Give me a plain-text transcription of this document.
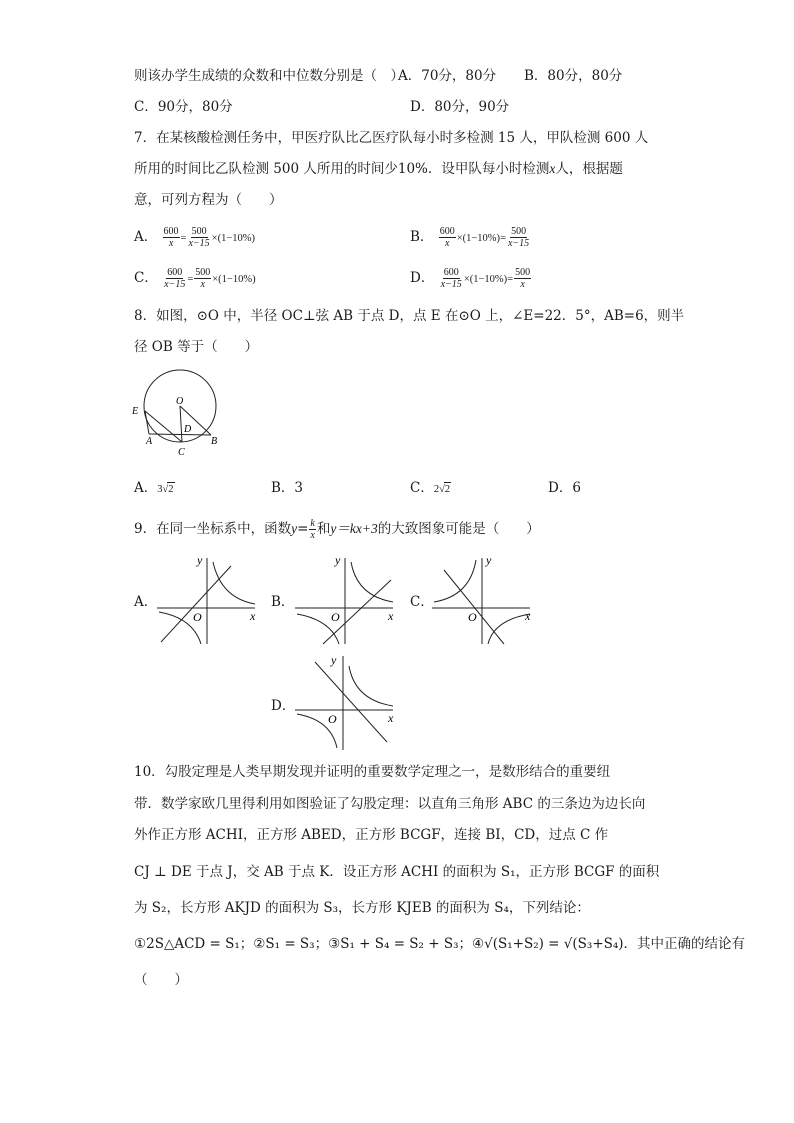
则该办学生成绩的众数和中位数分别是（　）
A．70分，80分 B．80分，80分
C．90分，80分	D．80分，90分
7．在某核酸检测任务中，甲医疗队比乙医疗队每小时多检测 15 人，甲队检测 600 人
所用的时间比乙队检测 500 人所用的时间少10%．设甲队每小时检测x人，根据题
意，可列方程为（　　）
A． $\frac{600}{x} = \frac{500}{x-15} \times(1-10\%)$	B． $\frac{600}{x} \times(1-10\%)= \frac{500}{x-15}$
C． $\frac{600}{x-15} = \frac{500}{x} \times(1-10\%)$	D． $\frac{600}{x-15} \times(1-10\%)= \frac{500}{x}$
8．如图，⊙O 中，半径 OC⊥弦 AB 于点 D，点 E 在⊙O 上，∠E=22．5°，AB=6，则半
径 OB 等于（　　）
E
O
D
A
C
B
A．3√2	B．3	C．2√2	D．6
9．在同一坐标系中，函数$y= \frac{k}{x}$ 和y＝kx+3的大致图象可能是（　　）
A．
y
x
O
B．
y
x
O
C．
y
x
O
D．
y
x
O
10．勾股定理是人类早期发现并证明的重要数学定理之一，是数形结合的重要纽
带．数学家欧几里得利用如图验证了勾股定理：以直角三角形 ABC 的三条边为边长向
外作正方形 ACHI，正方形 ABED，正方形 BCGF，连接 BI，CD，过点 C 作
CJ ⊥ DE 于点 J，交 AB 于点 K．设正方形 ACHI 的面积为 S₁，正方形 BCGF 的面积
为 S₂，长方形 AKJD 的面积为 S₃，长方形 KJEB 的面积为 S₄，下列结论：
①2S△ACD = S₁；②S₁ = S₃；③S₁ + S₄ = S₂ + S₃；④√(S₁+S₂) = √(S₃+S₄)．其中正确的结论有
（　　）
